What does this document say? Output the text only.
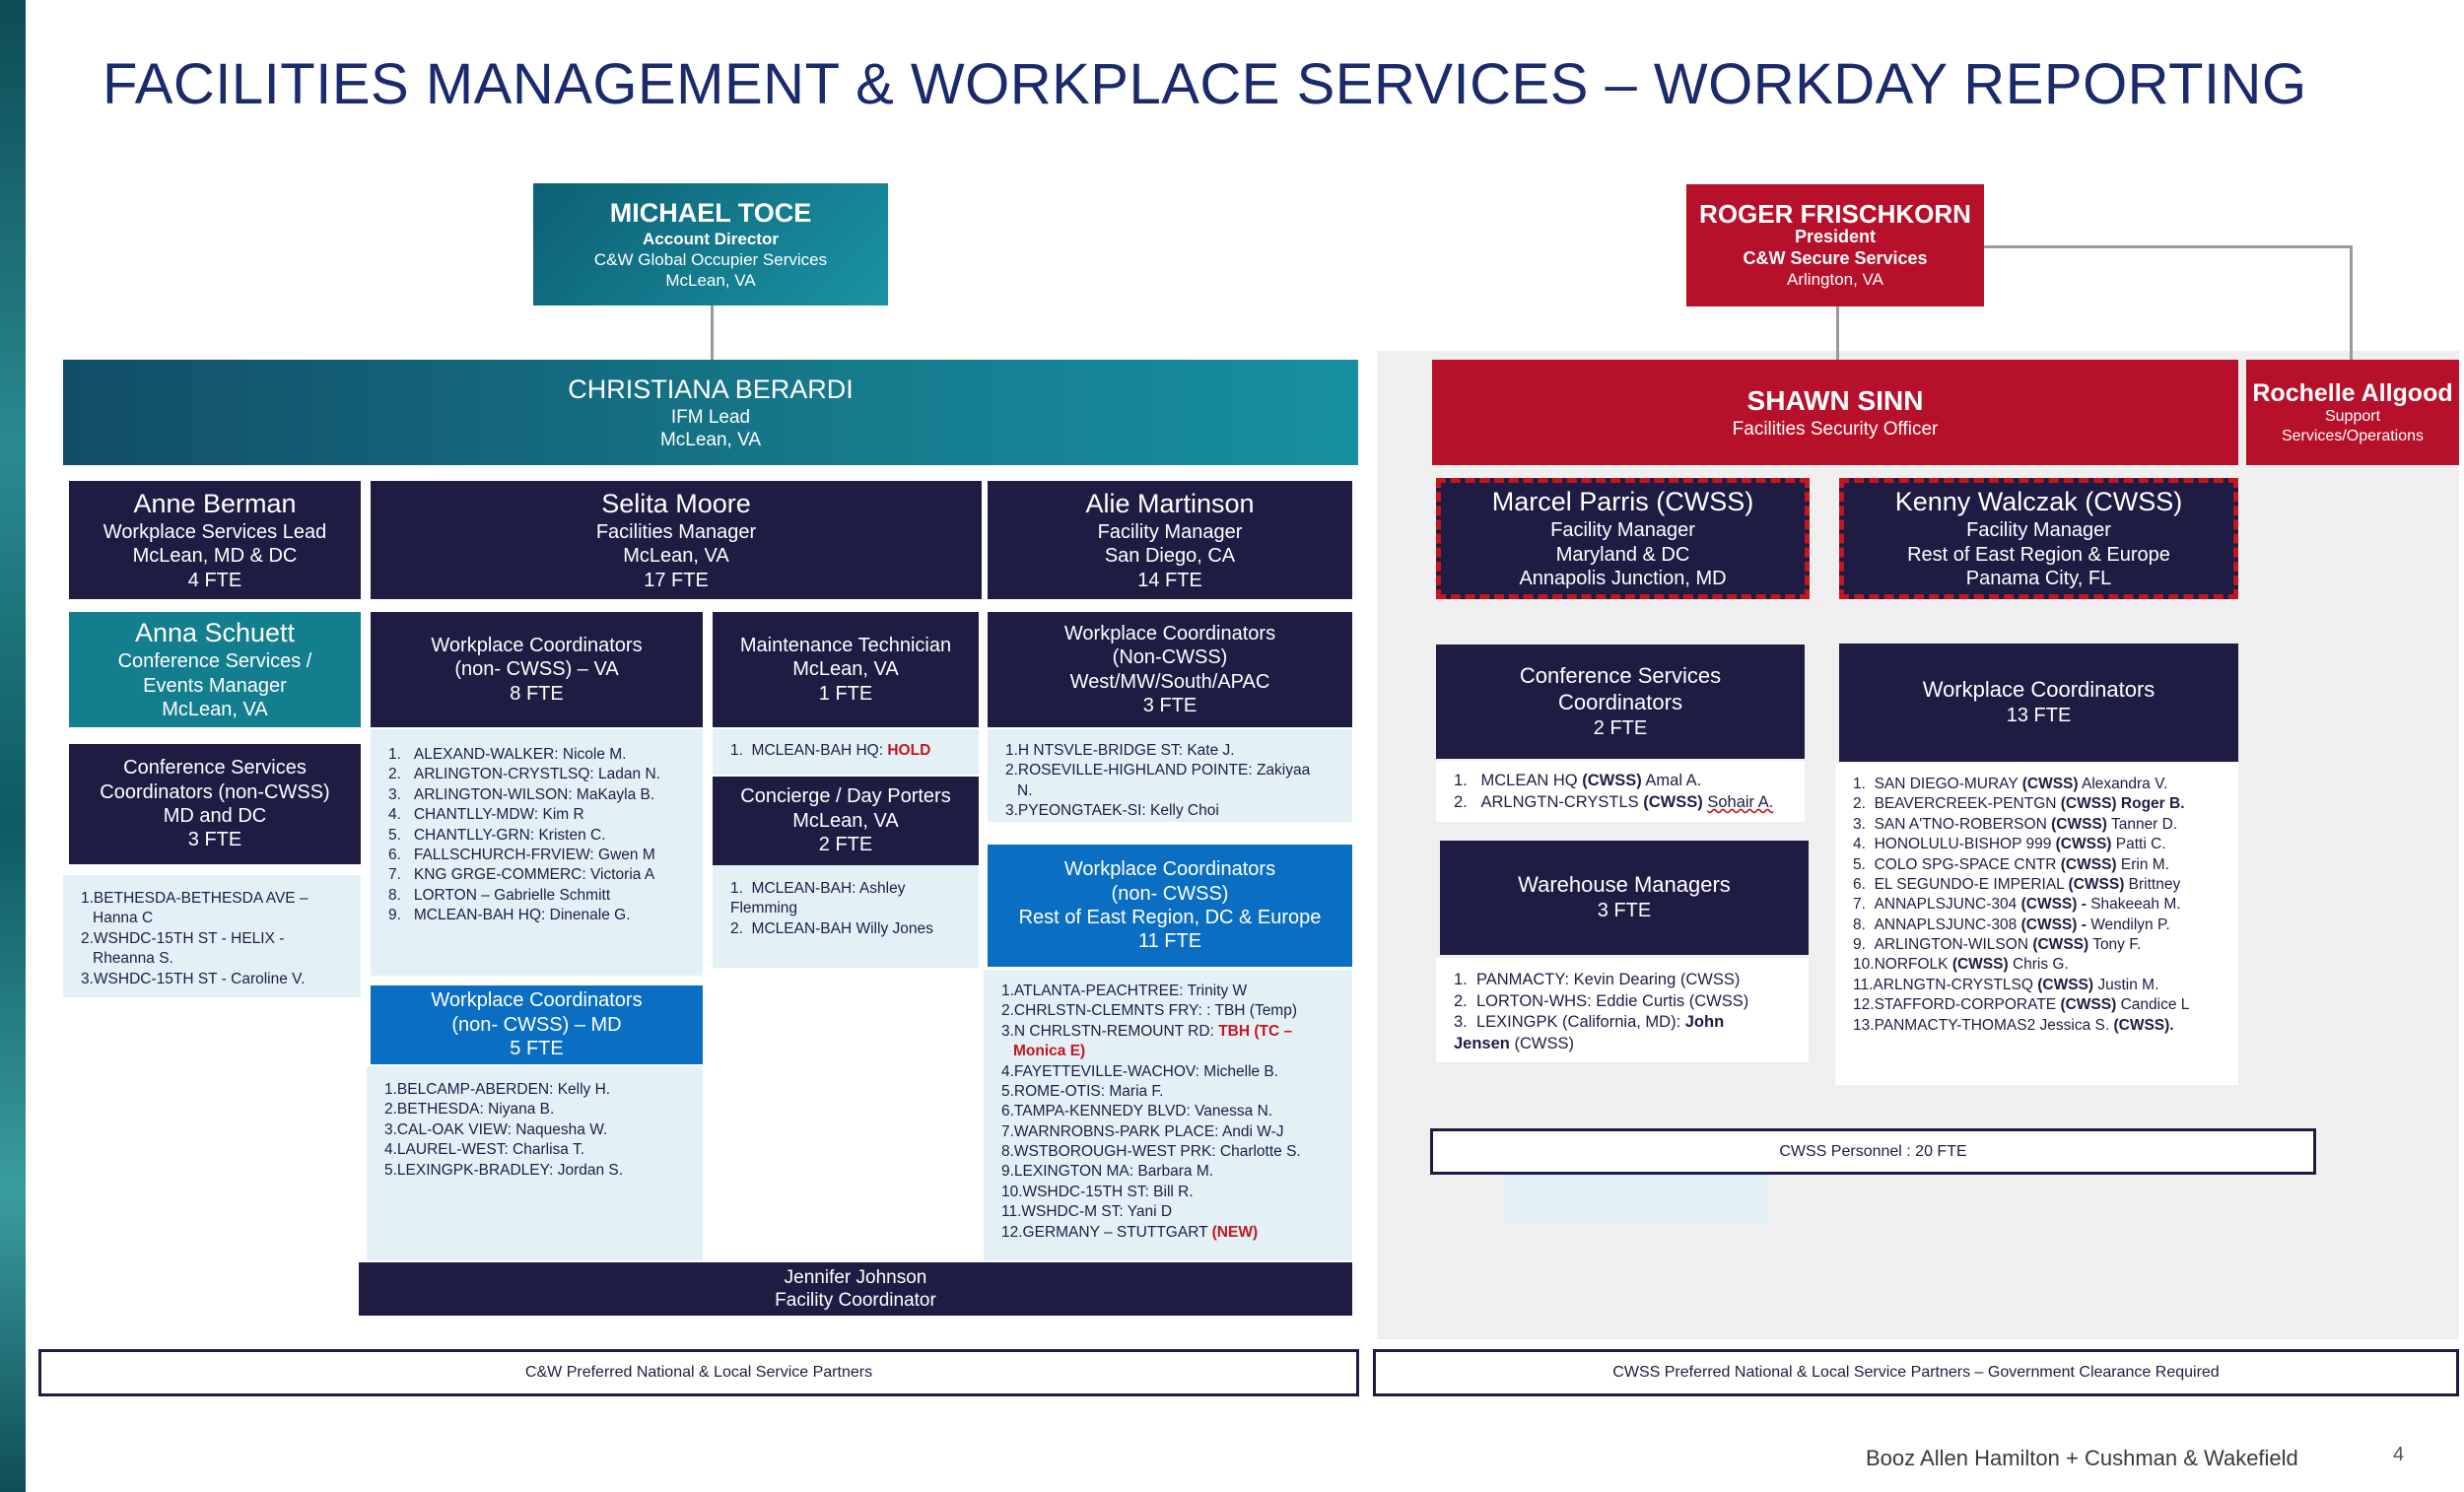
FACILITIES MANAGEMENT & WORKPLACE SERVICES – WORKDAY REPORTING
MICHAEL TOCE
Account Director
C&W Global Occupier Services
McLean, VA
ROGER FRISCHKORN
President
C&W Secure Services
Arlington, VA
CHRISTIANA BERARDI
IFM Lead
McLean, VA
SHAWN SINN
Facilities Security Officer
Rochelle Allgood
Support Services/Operations
Anne Berman
Workplace Services Lead
McLean, MD & DC
4 FTE
Selita Moore
Facilities Manager
McLean, VA
17 FTE
Alie Martinson
Facility Manager
San Diego, CA
14 FTE
Marcel Parris (CWSS)
Facility Manager
Maryland & DC
Annapolis Junction, MD
Kenny Walczak (CWSS)
Facility Manager
Rest of East Region & Europe
Panama City, FL
Anna Schuett
Conference Services /
Events Manager
McLean, VA
Conference Services
Coordinators (non-CWSS)
MD and DC
3 FTE
1.BETHESDA-BETHESDA AVE –
Hanna C
2.WSHDC-15TH ST - HELIX -
Rheanna S.
3.WSHDC-15TH ST - Caroline V.
Workplace Coordinators
(non- CWSS) – VA
8 FTE
1.   ALEXAND-WALKER: Nicole M.
2.   ARLINGTON-CRYSTLSQ: Ladan N.
3.   ARLINGTON-WILSON: MaKayla B.
4.   CHANTLLY-MDW: Kim R
5.   CHANTLLY-GRN: Kristen C.
6.   FALLSCHURCH-FRVIEW: Gwen M
7.   KNG GRGE-COMMERC: Victoria A
8.   LORTON – Gabrielle Schmitt
9.   MCLEAN-BAH HQ: Dinenale G.
Maintenance Technician
McLean, VA
1 FTE
1.  MCLEAN-BAH HQ: HOLD
Concierge / Day Porters
McLean, VA
2 FTE
1.  MCLEAN-BAH: Ashley
Flemming
2.  MCLEAN-BAH Willy Jones
Workplace Coordinators
(Non-CWSS)
West/MW/South/APAC
3 FTE
1.H NTSVLE-BRIDGE ST: Kate J.
2.ROSEVILLE-HIGHLAND POINTE: Zakiyaa
N.
3.PYEONGTAEK-SI: Kelly Choi
Workplace Coordinators
(non- CWSS) – MD
5 FTE
1.BELCAMP-ABERDEN: Kelly H.
2.BETHESDA: Niyana B.
3.CAL-OAK VIEW: Naquesha W.
4.LAUREL-WEST: Charlisa T.
5.LEXINGPK-BRADLEY: Jordan S.
Workplace Coordinators
(non- CWSS)
Rest of East Region, DC & Europe
11 FTE
1.ATLANTA-PEACHTREE: Trinity W
2.CHRLSTN-CLEMNTS FRY: : TBH (Temp)
3.N CHRLSTN-REMOUNT RD: TBH (TC –
Monica E)
4.FAYETTEVILLE-WACHOV: Michelle B.
5.ROME-OTIS: Maria F.
6.TAMPA-KENNEDY BLVD: Vanessa N.
7.WARNROBNS-PARK PLACE: Andi W-J
8.WSTBOROUGH-WEST PRK: Charlotte S.
9.LEXINGTON MA: Barbara M.
10.WSHDC-15TH ST: Bill R.
11.WSHDC-M ST: Yani D
12.GERMANY – STUTTGART (NEW)
Jennifer Johnson
Facility Coordinator
Conference Services
Coordinators
2 FTE
1.   MCLEAN HQ (CWSS) Amal A.
2.   ARLNGTN-CRYSTLS (CWSS) Sohair A.
Warehouse Managers
3 FTE
1.  PANMACTY: Kevin Dearing (CWSS)
2.  LORTON-WHS: Eddie Curtis (CWSS)
3.  LEXINGPK (California, MD): John
Jensen (CWSS)
Workplace Coordinators
13 FTE
1. SAN DIEGO-MURAY (CWSS) Alexandra V.
2. BEAVERCREEK-PENTGN (CWSS) Roger B.
3. SAN A'TNO-ROBERSON (CWSS) Tanner D.
4. HONOLULU-BISHOP 999 (CWSS) Patti C.
5. COLO SPG-SPACE CNTR (CWSS) Erin M.
6. EL SEGUNDO-E IMPERIAL (CWSS) Brittney
7. ANNAPLSJUNC-304 (CWSS) - Shakeeah M.
8. ANNAPLSJUNC-308 (CWSS) - Wendilyn P.
9. ARLINGTON-WILSON (CWSS) Tony F.
10.NORFOLK (CWSS) Chris G.
11.ARLNGTN-CRYSTLSQ (CWSS) Justin M.
12.STAFFORD-CORPORATE (CWSS) Candice L
13.PANMACTY-THOMAS2 Jessica S. (CWSS).
CWSS Personnel : 20 FTE
C&W Preferred National & Local Service Partners	CWSS Preferred National & Local Service Partners – Government Clearance Required
Booz Allen Hamilton + Cushman & Wakefield	4
